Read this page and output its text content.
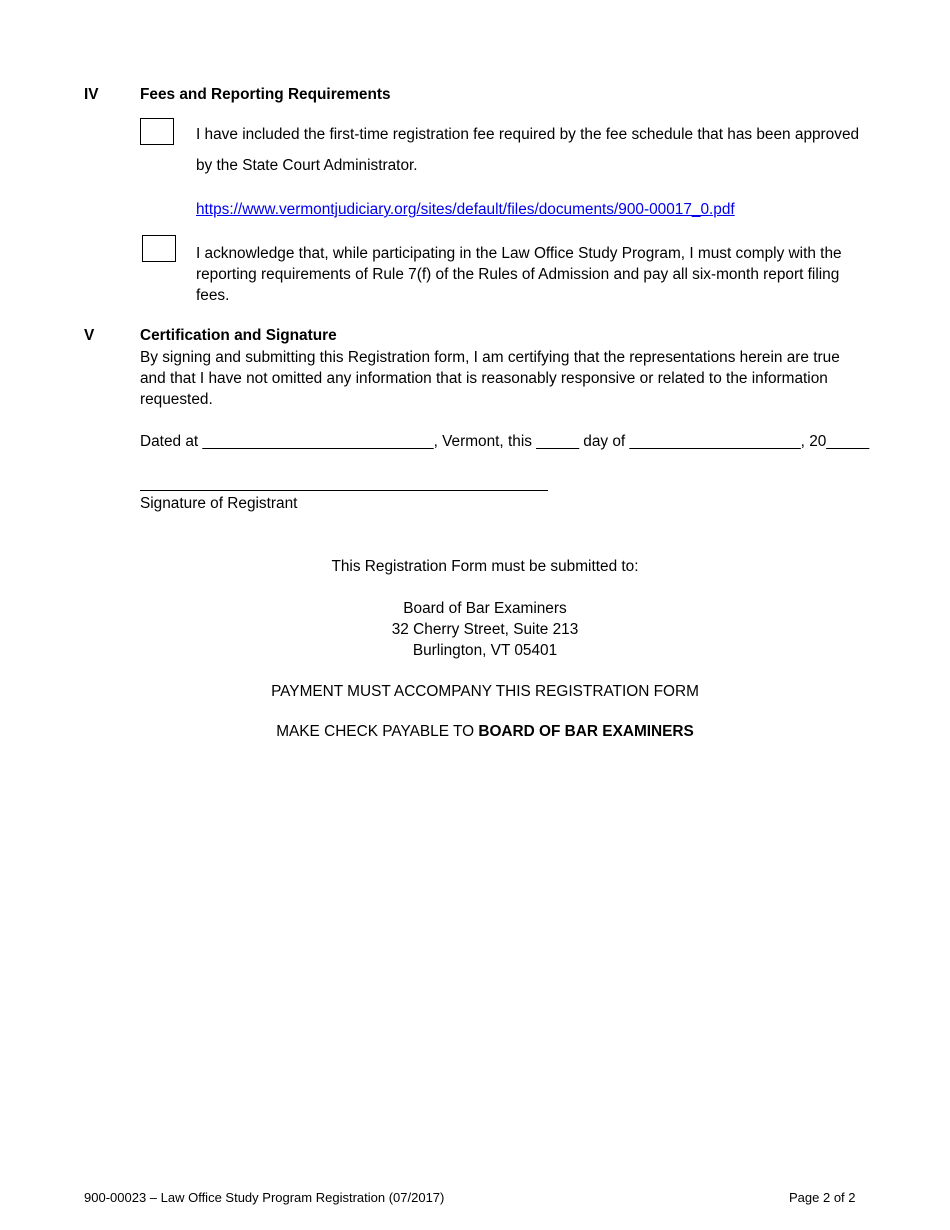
IV	Fees and Reporting Requirements
I have included the first-time registration fee required by the fee schedule that has been approved
by the State Court Administrator.
https://www.vermontjudiciary.org/sites/default/files/documents/900-00017_0.pdf
I acknowledge that, while participating in the Law Office Study Program, I must comply with the
reporting requirements of Rule 7(f) of the Rules of Admission and pay all six-month report filing
fees.
V	Certification and Signature
By signing and submitting this Registration form, I am certifying that the representations herein are true
and that I have not omitted any information that is reasonably responsive or related to the information
requested.
Dated at ___________________________, Vermont, this _____ day of ____________________, 20_____
Signature of Registrant
This Registration Form must be submitted to:
Board of Bar Examiners
32 Cherry Street, Suite 213
Burlington, VT 05401
PAYMENT MUST ACCOMPANY THIS REGISTRATION FORM
MAKE CHECK PAYABLE TO BOARD OF BAR EXAMINERS
900-00023 – Law Office Study Program Registration (07/2017)	Page 2 of 2
